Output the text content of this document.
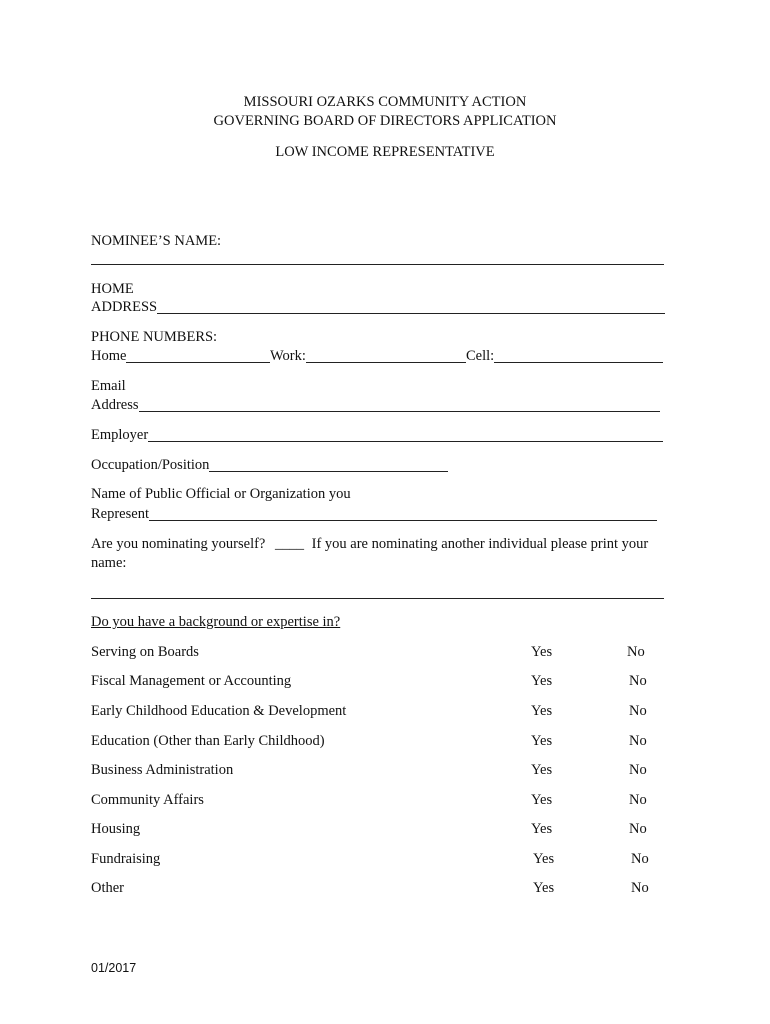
MISSOURI OZARKS COMMUNITY ACTION
GOVERNING BOARD OF DIRECTORS APPLICATION
LOW INCOME REPRESENTATIVE
NOMINEE’S NAME:
HOME
ADDRESS
PHONE NUMBERS:
Home	Work:	Cell:
Email
Address
Employer
Occupation/Position
Name of Public Official or Organization you
Represent
Are you nominating yourself? ____ If you are nominating another individual please print your
name:
Do you have a background or expertise in?
Serving on Boards	Yes	No
Fiscal Management or Accounting	Yes	No
Early Childhood Education & Development	Yes	No
Education (Other than Early Childhood)	Yes	No
Business Administration	Yes	No
Community Affairs	Yes	No
Housing	Yes	No
Fundraising	Yes	No
Other	Yes	No
01/2017
